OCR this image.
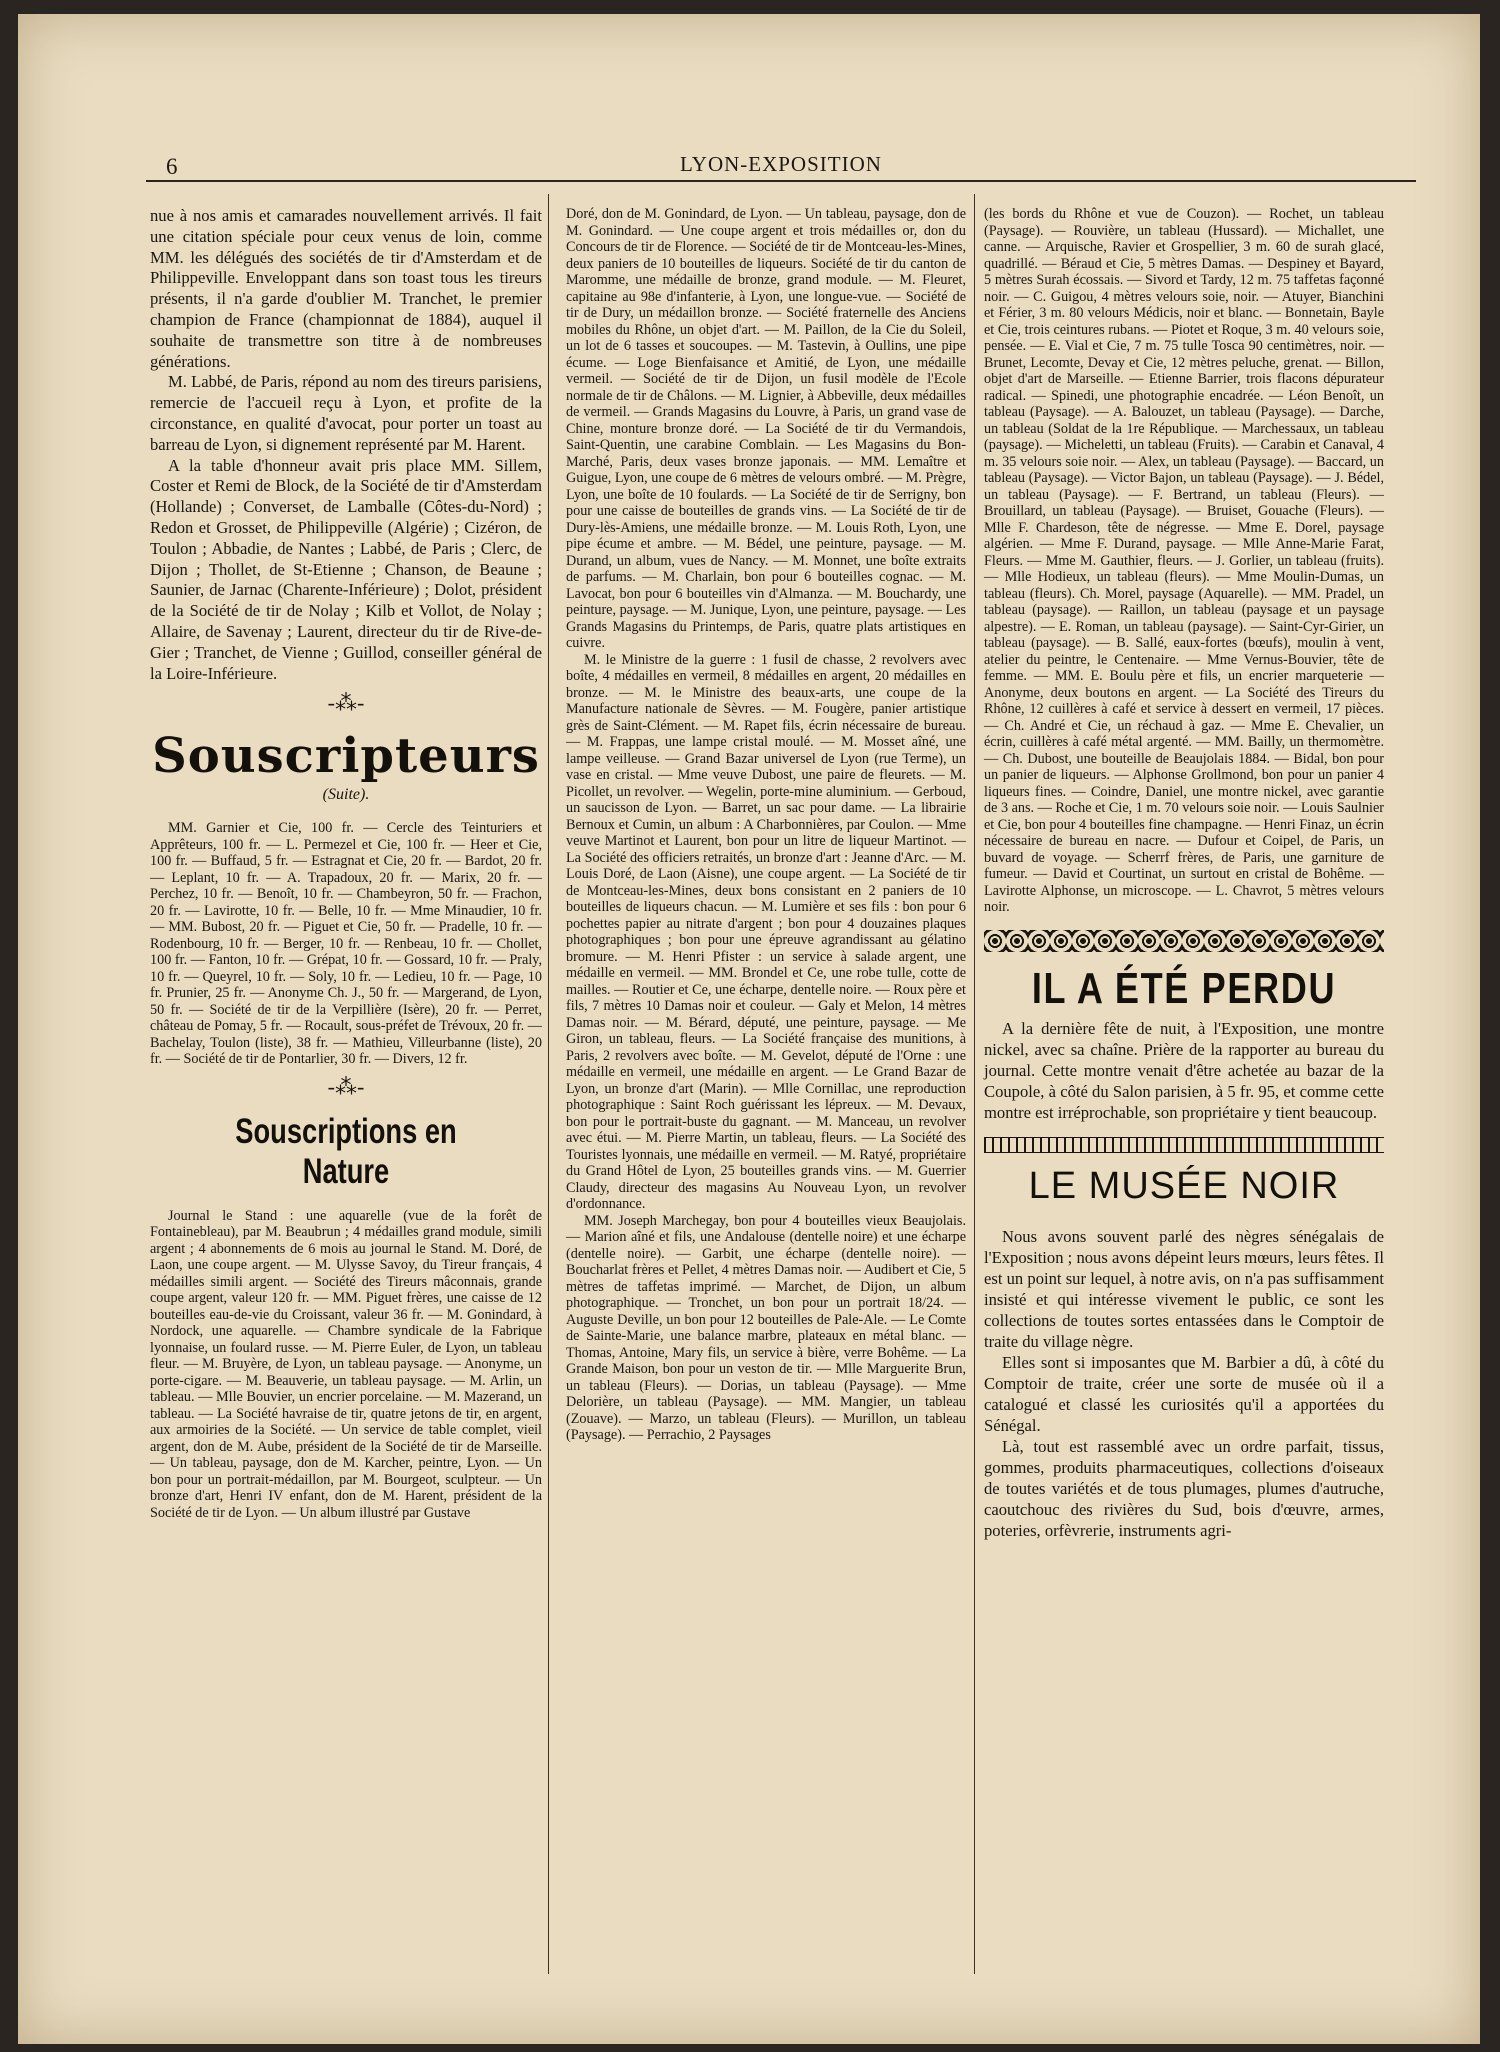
6	LYON-EXPOSITION

nue à nos amis et camarades nouvellement arrivés. Il fait une citation spéciale pour ceux venus de loin, comme MM. les délégués des sociétés de tir d'Amsterdam et de Philippeville. Enveloppant dans son toast tous les tireurs présents, il n'a garde d'oublier M. Tranchet, le premier champion de France (championnat de 1884), auquel il souhaite de transmettre son titre à de nombreuses générations.

M. Labbé, de Paris, répond au nom des tireurs parisiens, remercie de l'accueil reçu à Lyon, et profite de la circonstance, en qualité d'avocat, pour porter un toast au barreau de Lyon, si dignement représenté par M. Harent.

A la table d'honneur avait pris place MM. Sillem, Coster et Remi de Block, de la Société de tir d'Amsterdam (Hollande) ; Converset, de Lamballe (Côtes-du-Nord) ; Redon et Grosset, de Philippeville (Algérie) ; Cizéron, de Toulon ; Abbadie, de Nantes ; Labbé, de Paris ; Clerc, de Dijon ; Thollet, de St-Etienne ; Chanson, de Beaune ; Saunier, de Jarnac (Charente-Inférieure) ; Dolot, président de la Société de tir de Nolay ; Kilb et Vollot, de Nolay ; Allaire, de Savenay ; Laurent, directeur du tir de Rive-de-Gier ; Tranchet, de Vienne ; Guillod, conseiller général de la Loire-Inférieure.

-⁂-
Souscripteurs
(Suite).

MM. Garnier et Cie, 100 fr. — Cercle des Teinturiers et Apprêteurs, 100 fr. — L. Permezel et Cie, 100 fr. — Heer et Cie, 100 fr. — Buffaud, 5 fr. — Estragnat et Cie, 20 fr. — Bardot, 20 fr. — Leplant, 10 fr. — A. Trapadoux, 20 fr. — Marix, 20 fr. — Perchez, 10 fr. — Benoît, 10 fr. — Chambeyron, 50 fr. — Frachon, 20 fr. — Lavirotte, 10 fr. — Belle, 10 fr. — Mme Minaudier, 10 fr. — MM. Bubost, 20 fr. — Piguet et Cie, 50 fr. — Pradelle, 10 fr. — Rodenbourg, 10 fr. — Berger, 10 fr. — Renbeau, 10 fr. — Chollet, 100 fr. — Fanton, 10 fr. — Grépat, 10 fr. — Gossard, 10 fr. — Praly, 10 fr. — Queyrel, 10 fr. — Soly, 10 fr. — Ledieu, 10 fr. — Page, 10 fr. Prunier, 25 fr. — Anonyme Ch. J., 50 fr. — Margerand, de Lyon, 50 fr. — Société de tir de la Verpillière (Isère), 20 fr. — Perret, château de Pomay, 5 fr. — Rocault, sous-préfet de Trévoux, 20 fr. — Bachelay, Toulon (liste), 38 fr. — Mathieu, Villeurbanne (liste), 20 fr. — Société de tir de Pontarlier, 30 fr. — Divers, 12 fr.

-⁂-
Souscriptions en Nature

Journal le Stand : une aquarelle (vue de la forêt de Fontainebleau), par M. Beaubrun ; 4 médailles grand module, simili argent ; 4 abonnements de 6 mois au journal le Stand. M. Doré, de Laon, une coupe argent. — M. Ulysse Savoy, du Tireur français, 4 médailles simili argent. — Société des Tireurs mâconnais, grande coupe argent, valeur 120 fr. — MM. Piguet frères, une caisse de 12 bouteilles eau-de-vie du Croissant, valeur 36 fr. — M. Gonindard, à Nordock, une aquarelle. — Chambre syndicale de la Fabrique lyonnaise, un foulard russe. — M. Pierre Euler, de Lyon, un tableau fleur. — M. Bruyère, de Lyon, un tableau paysage. — Anonyme, un porte-cigare. — M. Beauverie, un tableau paysage. — M. Arlin, un tableau. — Mlle Bouvier, un encrier porcelaine. — M. Mazerand, un tableau. — La Société havraise de tir, quatre jetons de tir, en argent, aux armoiries de la Société. — Un service de table complet, vieil argent, don de M. Aube, président de la Société de tir de Marseille. — Un tableau, paysage, don de M. Karcher, peintre, Lyon. — Un bon pour un portrait-médaillon, par M. Bourgeot, sculpteur. — Un bronze d'art, Henri IV enfant, don de M. Harent, président de la Société de tir de Lyon. — Un album illustré par Gustave

Doré, don de M. Gonindard, de Lyon. — Un tableau, paysage, don de M. Gonindard. — Une coupe argent et trois médailles or, don du Concours de tir de Florence. — Société de tir de Montceau-les-Mines, deux paniers de 10 bouteilles de liqueurs. Société de tir du canton de Maromme, une médaille de bronze, grand module. — M. Fleuret, capitaine au 98e d'infanterie, à Lyon, une longue-vue. — Société de tir de Dury, un médaillon bronze. — Société fraternelle des Anciens mobiles du Rhône, un objet d'art. — M. Paillon, de la Cie du Soleil, un lot de 6 tasses et soucoupes. — M. Tastevin, à Oullins, une pipe écume. — Loge Bienfaisance et Amitié, de Lyon, une médaille vermeil. — Société de tir de Dijon, un fusil modèle de l'Ecole normale de tir de Châlons. — M. Lignier, à Abbeville, deux médailles de vermeil. — Grands Magasins du Louvre, à Paris, un grand vase de Chine, monture bronze doré. — La Société de tir du Vermandois, Saint-Quentin, une carabine Comblain. — Les Magasins du Bon-Marché, Paris, deux vases bronze japonais. — MM. Lemaître et Guigue, Lyon, une coupe de 6 mètres de velours ombré. — M. Prègre, Lyon, une boîte de 10 foulards. — La Société de tir de Serrigny, bon pour une caisse de bouteilles de grands vins. — La Société de tir de Dury-lès-Amiens, une médaille bronze. — M. Louis Roth, Lyon, une pipe écume et ambre. — M. Bédel, une peinture, paysage. — M. Durand, un album, vues de Nancy. — M. Monnet, une boîte extraits de parfums. — M. Charlain, bon pour 6 bouteilles cognac. — M. Lavocat, bon pour 6 bouteilles vin d'Almanza. — M. Bouchardy, une peinture, paysage. — M. Junique, Lyon, une peinture, paysage. — Les Grands Magasins du Printemps, de Paris, quatre plats artistiques en cuivre.

M. le Ministre de la guerre : 1 fusil de chasse, 2 revolvers avec boîte, 4 médailles en vermeil, 8 médailles en argent, 20 médailles en bronze. — M. le Ministre des beaux-arts, une coupe de la Manufacture nationale de Sèvres. — M. Fougère, panier artistique grès de Saint-Clément. — M. Rapet fils, écrin nécessaire de bureau. — M. Frappas, une lampe cristal moulé. — M. Mosset aîné, une lampe veilleuse. — Grand Bazar universel de Lyon (rue Terme), un vase en cristal. — Mme veuve Dubost, une paire de fleurets. — M. Picollet, un revolver. — Wegelin, porte-mine aluminium. — Gerboud, un saucisson de Lyon. — Barret, un sac pour dame. — La librairie Bernoux et Cumin, un album : A Charbonnières, par Coulon. — Mme veuve Martinot et Laurent, bon pour un litre de liqueur Martinot. — La Société des officiers retraités, un bronze d'art : Jeanne d'Arc. — M. Louis Doré, de Laon (Aisne), une coupe argent. — La Société de tir de Montceau-les-Mines, deux bons consistant en 2 paniers de 10 bouteilles de liqueurs chacun. — M. Lumière et ses fils : bon pour 6 pochettes papier au nitrate d'argent ; bon pour 4 douzaines plaques photographiques ; bon pour une épreuve agrandissant au gélatino bromure. — M. Henri Pfister : un service à salade argent, une médaille en vermeil. — MM. Brondel et Ce, une robe tulle, cotte de mailles. — Routier et Ce, une écharpe, dentelle noire. — Roux père et fils, 7 mètres 10 Damas noir et couleur. — Galy et Melon, 14 mètres Damas noir. — M. Bérard, député, une peinture, paysage. — Me Giron, un tableau, fleurs. — La Société française des munitions, à Paris, 2 revolvers avec boîte. — M. Gevelot, député de l'Orne : une médaille en vermeil, une médaille en argent. — Le Grand Bazar de Lyon, un bronze d'art (Marin). — Mlle Cornillac, une reproduction photographique : Saint Roch guérissant les lépreux. — M. Devaux, bon pour le portrait-buste du gagnant. — M. Manceau, un revolver avec étui. — M. Pierre Martin, un tableau, fleurs. — La Société des Touristes lyonnais, une médaille en vermeil. — M. Ratyé, propriétaire du Grand Hôtel de Lyon, 25 bouteilles grands vins. — M. Guerrier Claudy, directeur des magasins Au Nouveau Lyon, un revolver d'ordonnance.

MM. Joseph Marchegay, bon pour 4 bouteilles vieux Beaujolais. — Marion aîné et fils, une Andalouse (dentelle noire) et une écharpe (dentelle noire). — Garbit, une écharpe (dentelle noire). — Boucharlat frères et Pellet, 4 mètres Damas noir. — Audibert et Cie, 5 mètres de taffetas imprimé. — Marchet, de Dijon, un album photographique. — Tronchet, un bon pour un portrait 18/24. — Auguste Deville, un bon pour 12 bouteilles de Pale-Ale. — Le Comte de Sainte-Marie, une balance marbre, plateaux en métal blanc. — Thomas, Antoine, Mary fils, un service à bière, verre Bohême. — La Grande Maison, bon pour un veston de tir. — Mlle Marguerite Brun, un tableau (Fleurs). — Dorias, un tableau (Paysage). — Mme Delorière, un tableau (Paysage). — MM. Mangier, un tableau (Zouave). — Marzo, un tableau (Fleurs). — Murillon, un tableau (Paysage). — Perrachio, 2 Paysages

(les bords du Rhône et vue de Couzon). — Rochet, un tableau (Paysage). — Rouvière, un tableau (Hussard). — Michallet, une canne. — Arquische, Ravier et Grospellier, 3 m. 60 de surah glacé, quadrillé. — Béraud et Cie, 5 mètres Damas. — Despiney et Bayard, 5 mètres Surah écossais. — Sivord et Tardy, 12 m. 75 taffetas façonné noir. — C. Guigou, 4 mètres velours soie, noir. — Atuyer, Bianchini et Férier, 3 m. 80 velours Médicis, noir et blanc. — Bonnetain, Bayle et Cie, trois ceintures rubans. — Piotet et Roque, 3 m. 40 velours soie, pensée. — E. Vial et Cie, 7 m. 75 tulle Tosca 90 centimètres, noir. — Brunet, Lecomte, Devay et Cie, 12 mètres peluche, grenat. — Billon, objet d'art de Marseille. — Etienne Barrier, trois flacons dépurateur radical. — Spinedi, une photographie encadrée. — Léon Benoît, un tableau (Paysage). — A. Balouzet, un tableau (Paysage). — Darche, un tableau (Soldat de la 1re République. — Marchessaux, un tableau (paysage). — Micheletti, un tableau (Fruits). — Carabin et Canaval, 4 m. 35 velours soie noir. — Alex, un tableau (Paysage). — Baccard, un tableau (Paysage). — Victor Bajon, un tableau (Paysage). — J. Bédel, un tableau (Paysage). — F. Bertrand, un tableau (Fleurs). — Brouillard, un tableau (Paysage). — Bruiset, Gouache (Fleurs). — Mlle F. Chardeson, tête de négresse. — Mme E. Dorel, paysage algérien. — Mme F. Durand, paysage. — Mlle Anne-Marie Farat, Fleurs. — Mme M. Gauthier, fleurs. — J. Gorlier, un tableau (fruits). — Mlle Hodieux, un tableau (fleurs). — Mme Moulin-Dumas, un tableau (fleurs). Ch. Morel, paysage (Aquarelle). — MM. Pradel, un tableau (paysage). — Raillon, un tableau (paysage et un paysage alpestre). — E. Roman, un tableau (paysage). — Saint-Cyr-Girier, un tableau (paysage). — B. Sallé, eaux-fortes (bœufs), moulin à vent, atelier du peintre, le Centenaire. — Mme Vernus-Bouvier, tête de femme. — MM. E. Boulu père et fils, un encrier marqueterie — Anonyme, deux boutons en argent. — La Société des Tireurs du Rhône, 12 cuillères à café et service à dessert en vermeil, 17 pièces. — Ch. André et Cie, un réchaud à gaz. — Mme E. Chevalier, un écrin, cuillères à café métal argenté. — MM. Bailly, un thermomètre. — Ch. Dubost, une bouteille de Beaujolais 1884. — Bidal, bon pour un panier de liqueurs. — Alphonse Grollmond, bon pour un panier 4 liqueurs fines. — Coindre, Daniel, une montre nickel, avec garantie de 3 ans. — Roche et Cie, 1 m. 70 velours soie noir. — Louis Saulnier et Cie, bon pour 4 bouteilles fine champagne. — Henri Finaz, un écrin nécessaire de bureau en nacre. — Dufour et Coipel, de Paris, un buvard de voyage. — Scherrf frères, de Paris, une garniture de fumeur. — David et Courtinat, un surtout en cristal de Bohême. — Lavirotte Alphonse, un microscope. — L. Chavrot, 5 mètres velours noir.

IL A ÉTÉ PERDU

A la dernière fête de nuit, à l'Exposition, une montre nickel, avec sa chaîne. Prière de la rapporter au bureau du journal. Cette montre venait d'être achetée au bazar de la Coupole, à côté du Salon parisien, à 5 fr. 95, et comme cette montre est irréprochable, son propriétaire y tient beaucoup.

LE MUSÉE NOIR

Nous avons souvent parlé des nègres sénégalais de l'Exposition ; nous avons dépeint leurs mœurs, leurs fêtes. Il est un point sur lequel, à notre avis, on n'a pas suffisamment insisté et qui intéresse vivement le public, ce sont les collections de toutes sortes entassées dans le Comptoir de traite du village nègre.

Elles sont si imposantes que M. Barbier a dû, à côté du Comptoir de traite, créer une sorte de musée où il a catalogué et classé les curiosités qu'il a apportées du Sénégal.

Là, tout est rassemblé avec un ordre parfait, tissus, gommes, produits pharmaceutiques, collections d'oiseaux de toutes variétés et de tous plumages, plumes d'autruche, caoutchouc des rivières du Sud, bois d'œuvre, armes, poteries, orfèvrerie, instruments agri-
